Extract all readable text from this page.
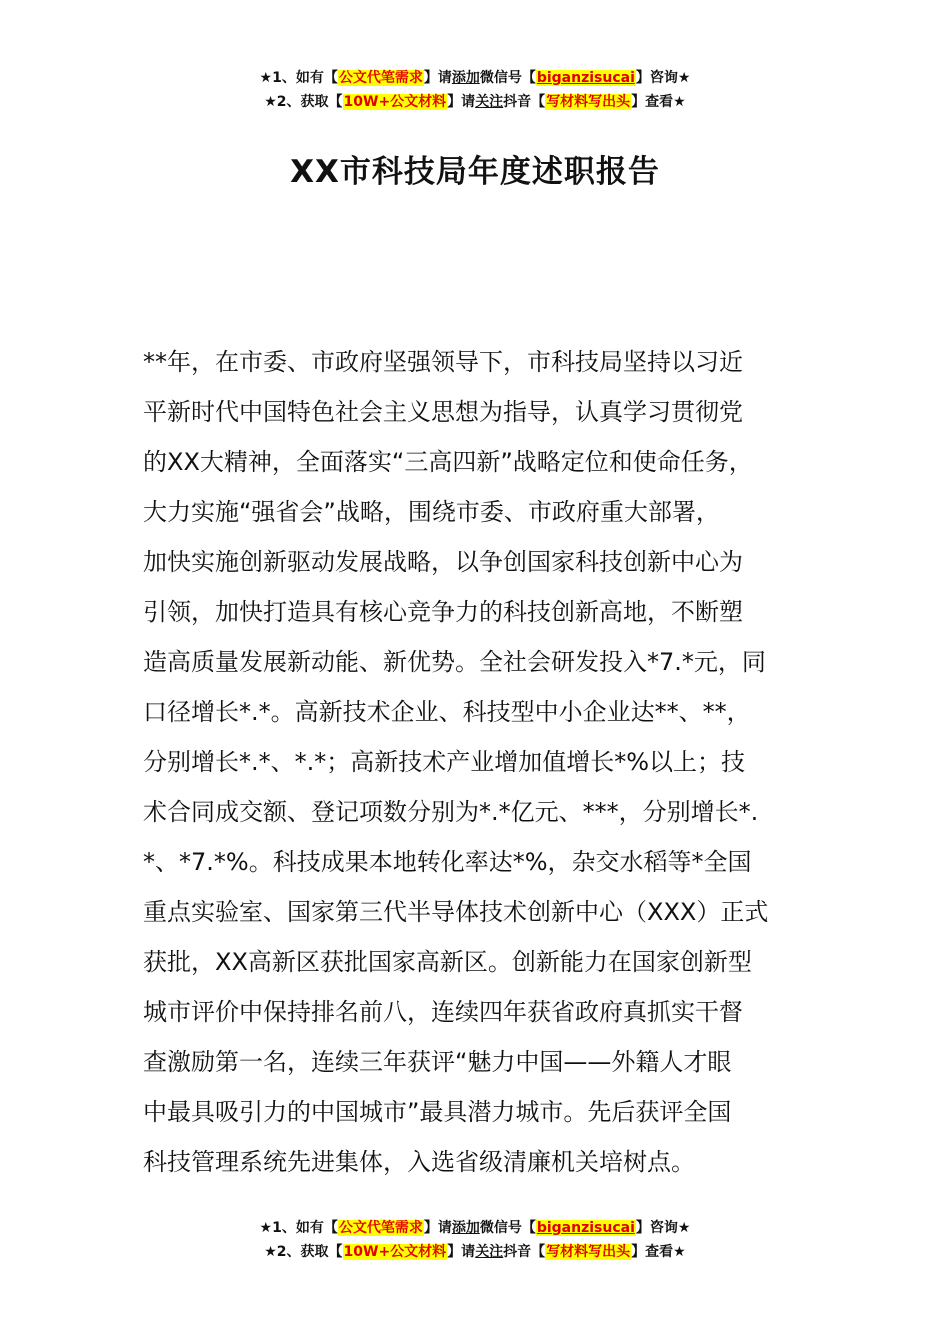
★1、如有【公文代笔需求】请添加微信号【biganzisucai】咨询★
★2、获取【10W+公文材料】请关注抖音【写材料写出头】查看★
XX市科技局年度述职报告

**年，在市委、市政府坚强领导下，市科技局坚持以习近
平新时代中国特色社会主义思想为指导，认真学习贯彻党
的XX大精神，全面落实“三高四新”战略定位和使命任务，
大力实施“强省会”战略，围绕市委、市政府重大部署，
加快实施创新驱动发展战略，以争创国家科技创新中心为
引领，加快打造具有核心竞争力的科技创新高地，不断塑
造高质量发展新动能、新优势。全社会研发投入*7.*元，同
口径增长*.*。高新技术企业、科技型中小企业达**、**，
分别增长*.*、*.*；高新技术产业增加值增长*%以上；技
术合同成交额、登记项数分别为*.*亿元、***，分别增长*.
*、*7.*%。科技成果本地转化率达*%，杂交水稻等*全国
重点实验室、国家第三代半导体技术创新中心（XXX）正式
获批，XX高新区获批国家高新区。创新能力在国家创新型
城市评价中保持排名前八，连续四年获省政府真抓实干督
查激励第一名，连续三年获评“魅力中国——外籍人才眼
中最具吸引力的中国城市”最具潜力城市。先后获评全国
科技管理系统先进集体，入选省级清廉机关培树点。

★1、如有【公文代笔需求】请添加微信号【biganzisucai】咨询★
★2、获取【10W+公文材料】请关注抖音【写材料写出头】查看★
